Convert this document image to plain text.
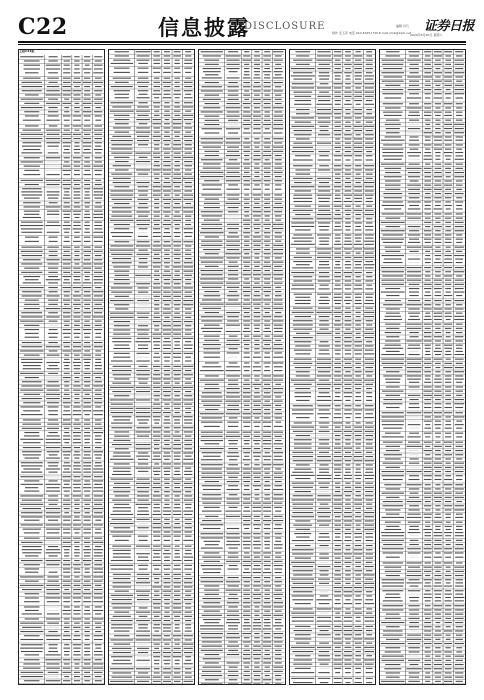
C22	信息披露
DISCLOSURE	编辑 肖凡
制作 张玉萍 电话 010-83251730 E-mail zmb@zqrb.net 证券日报
2020年6月20日 星期六
上接C21版
